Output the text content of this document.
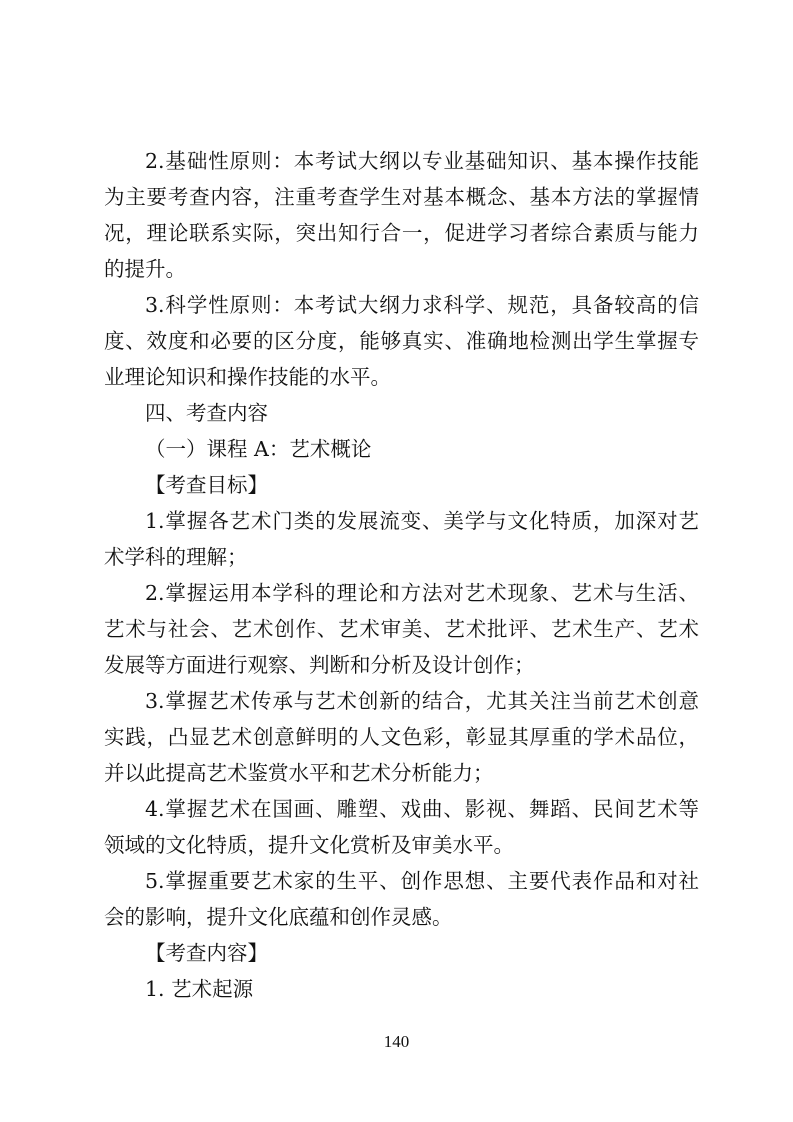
2.基础性原则：本考试大纲以专业基础知识、基本操作技能
为主要考查内容，注重考查学生对基本概念、基本方法的掌握情
况，理论联系实际，突出知行合一，促进学习者综合素质与能力
的提升。
3.科学性原则：本考试大纲力求科学、规范，具备较高的信
度、效度和必要的区分度，能够真实、准确地检测出学生掌握专
业理论知识和操作技能的水平。
四、考查内容
（一）课程 A：艺术概论
【考查目标】
1.掌握各艺术门类的发展流变、美学与文化特质，加深对艺
术学科的理解；
2.掌握运用本学科的理论和方法对艺术现象、艺术与生活、
艺术与社会、艺术创作、艺术审美、艺术批评、艺术生产、艺术
发展等方面进行观察、判断和分析及设计创作；
3.掌握艺术传承与艺术创新的结合，尤其关注当前艺术创意
实践，凸显艺术创意鲜明的人文色彩，彰显其厚重的学术品位，
并以此提高艺术鉴赏水平和艺术分析能力；
4.掌握艺术在国画、雕塑、戏曲、影视、舞蹈、民间艺术等
领域的文化特质，提升文化赏析及审美水平。
5.掌握重要艺术家的生平、创作思想、主要代表作品和对社
会的影响，提升文化底蕴和创作灵感。
【考查内容】
1. 艺术起源
140
